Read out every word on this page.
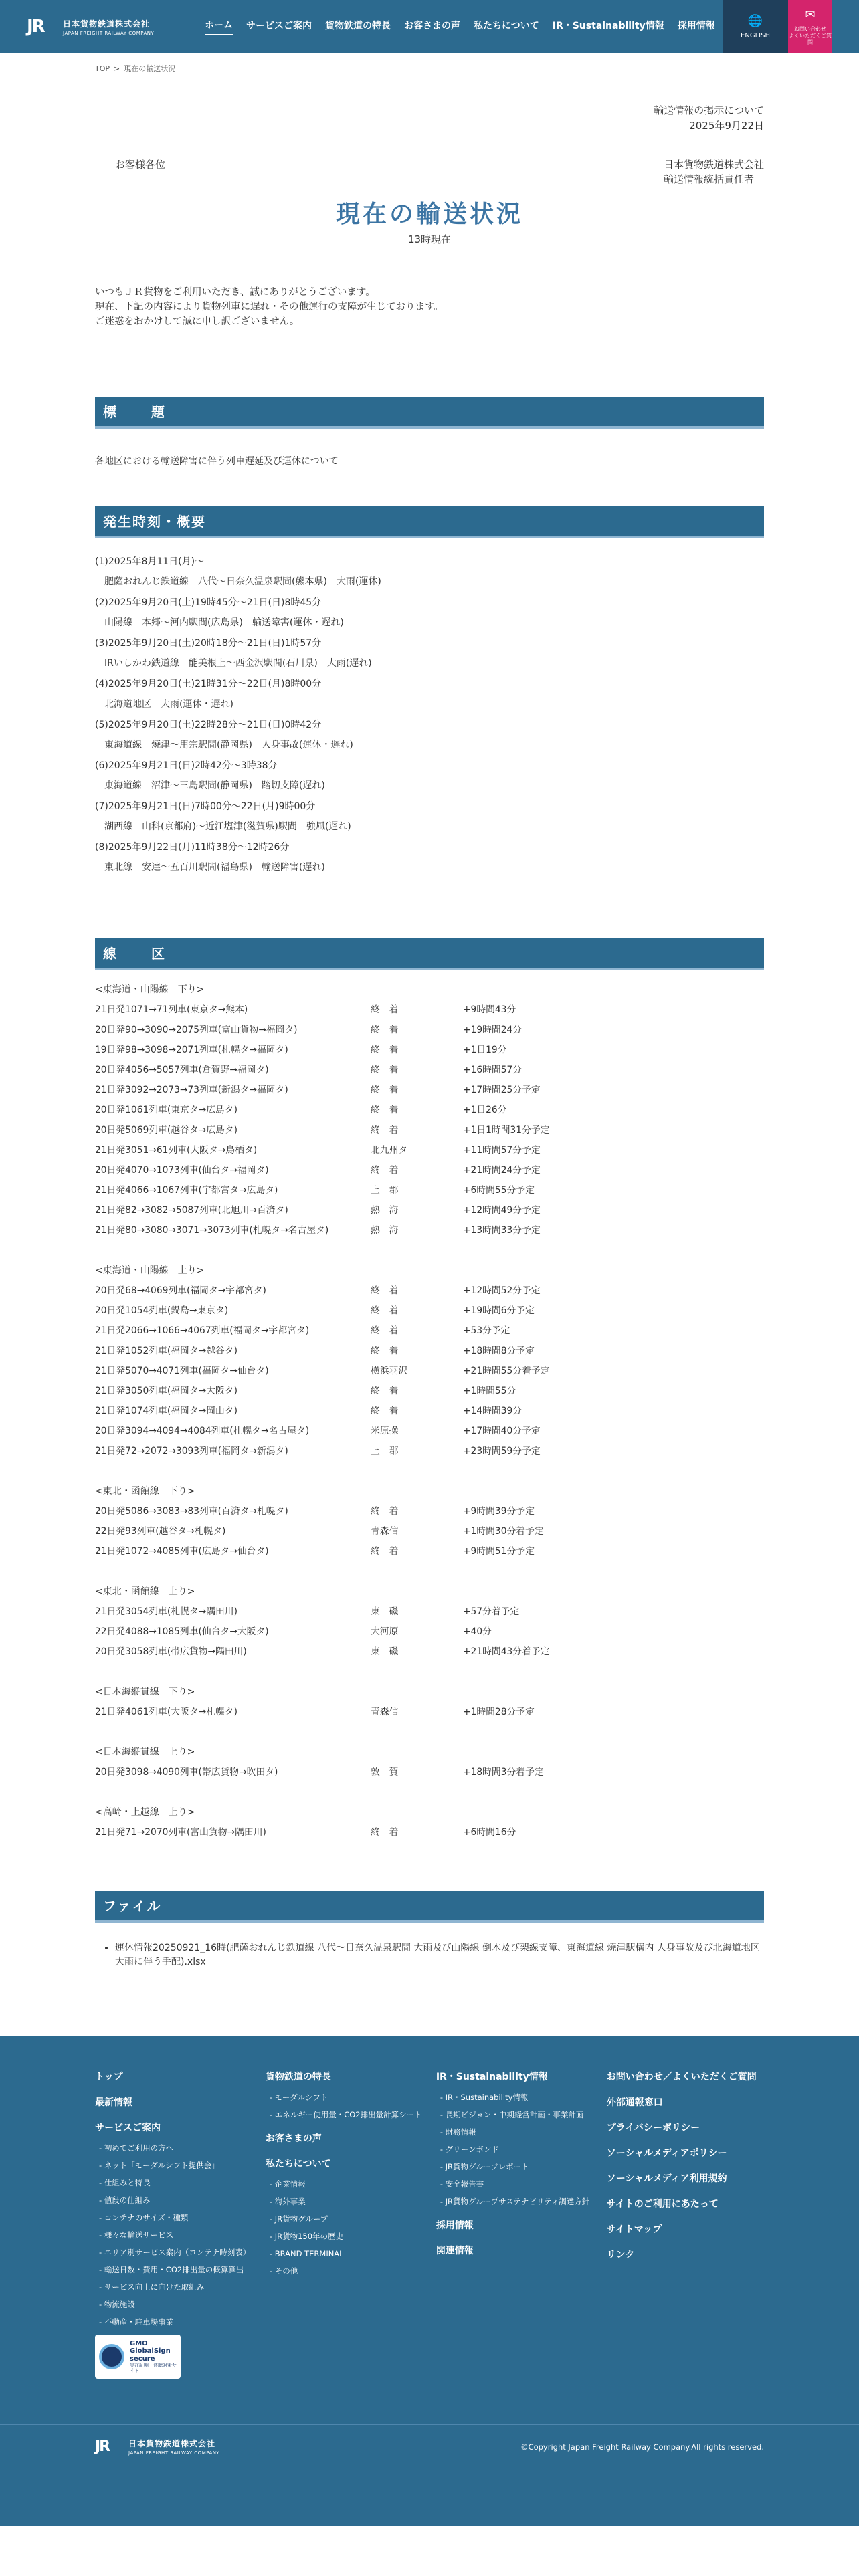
JR	日本貨物鉄道株式会社
JAPAN FREIGHT RAILWAY COMPANY
ホーム サービスご案内 貨物鉄道の特長 お客さまの声 私たちについて IR・Sustainability情報 採用情報	🌐
ENGLISH
✉
お問い合わせ
よくいただくご質問
TOP > 現在の輸送状況
輸送情報の掲示について
2025年9月22日
お客様各位	日本貨物鉄道株式会社
輸送情報統括責任者
現在の輸送状況
13時現在
いつもＪＲ貨物をご利用いただき、誠にありがとうございます。
現在、下記の内容により貨物列車に遅れ・その他運行の支障が生じております。
ご迷惑をおかけして誠に申し訳ございません。
標　題
各地区における輸送障害に伴う列車遅延及び運休について
発生時刻・概要
(1)2025年8月11日(月)～
　肥薩おれんじ鉄道線　八代～日奈久温泉駅間(熊本県)　大雨(運休)
(2)2025年9月20日(土)19時45分～21日(日)8時45分
　山陽線　本郷～河内駅間(広島県)　輸送障害(運休・遅れ)
(3)2025年9月20日(土)20時18分～21日(日)1時57分
　IRいしかわ鉄道線　能美根上～西金沢駅間(石川県)　大雨(遅れ)
(4)2025年9月20日(土)21時31分～22日(月)8時00分
　北海道地区　大雨(運休・遅れ)
(5)2025年9月20日(土)22時28分～21日(日)0時42分
　東海道線　焼津～用宗駅間(静岡県)　人身事故(運休・遅れ)
(6)2025年9月21日(日)2時42分～3時38分
　東海道線　沼津～三島駅間(静岡県)　踏切支障(遅れ)
(7)2025年9月21日(日)7時00分～22日(月)9時00分
　湖西線　山科(京都府)～近江塩津(滋賀県)駅間　強風(遅れ)
(8)2025年9月22日(月)11時38分～12時26分
　東北線　安達～五百川駅間(福島県)　輸送障害(遅れ)
線　区
<東海道・山陽線　下り>
21日発1071→71列車(東京タ→熊本)	終　着	+9時間43分
20日発90→3090→2075列車(富山貨物→福岡タ)	終　着	+19時間24分
19日発98→3098→2071列車(札幌タ→福岡タ)	終　着	+1日19分
20日発4056→5057列車(倉賀野→福岡タ)	終　着	+16時間57分
21日発3092→2073→73列車(新潟タ→福岡タ)	終　着	+17時間25分予定
20日発1061列車(東京タ→広島タ)	終　着	+1日26分
20日発5069列車(越谷タ→広島タ)	終　着	+1日1時間31分予定
21日発3051→61列車(大阪タ→鳥栖タ)	北九州タ	+11時間57分予定
20日発4070→1073列車(仙台タ→福岡タ)	終　着	+21時間24分予定
21日発4066→1067列車(宇都宮タ→広島タ)	上　郡	+6時間55分予定
21日発82→3082→5087列車(北旭川→百済タ)	熱　海	+12時間49分予定
21日発80→3080→3071→3073列車(札幌タ→名古屋タ)	熱　海	+13時間33分予定
<東海道・山陽線　上り>
20日発68→4069列車(福岡タ→宇都宮タ)	終　着	+12時間52分予定
20日発1054列車(鍋島→東京タ)	終　着	+19時間6分予定
21日発2066→1066→4067列車(福岡タ→宇都宮タ)	終　着	+53分予定
21日発1052列車(福岡タ→越谷タ)	終　着	+18時間8分予定
21日発5070→4071列車(福岡タ→仙台タ)	横浜羽沢	+21時間55分着予定
21日発3050列車(福岡タ→大阪タ)	終　着	+1時間55分
21日発1074列車(福岡タ→岡山タ)	終　着	+14時間39分
20日発3094→4094→4084列車(札幌タ→名古屋タ)	米原操	+17時間40分予定
21日発72→2072→3093列車(福岡タ→新潟タ)	上　郡	+23時間59分予定
<東北・函館線　下り>
20日発5086→3083→83列車(百済タ→札幌タ)	終　着	+9時間39分予定
22日発93列車(越谷タ→札幌タ)	青森信	+1時間30分着予定
21日発1072→4085列車(広島タ→仙台タ)	終　着	+9時間51分予定
<東北・函館線　上り>
21日発3054列車(札幌タ→隅田川)	東　磯	+57分着予定
22日発4088→1085列車(仙台タ→大阪タ)	大河原	+40分
20日発3058列車(帯広貨物→隅田川)	東　磯	+21時間43分着予定
<日本海縦貫線　下り>
21日発4061列車(大阪タ→札幌タ)	青森信	+1時間28分予定
<日本海縦貫線　上り>
20日発3098→4090列車(帯広貨物→吹田タ)	敦　賀	+18時間3分着予定
<高崎・上越線　上り>
21日発71→2070列車(富山貨物→隅田川)	終　着	+6時間16分
ファイル
• 運休情報20250921_16時(肥薩おれんじ鉄道線 八代～日奈久温泉駅間 大雨及び山陽線 倒木及び架線支障、東海道線 焼津駅構内 人身事故及び北海道地区 大雨に伴う手配).xlsx
トップ
最新情報
サービスご案内
- 初めてご利用の方へ
- ネット「モーダルシフト提供会」
- 仕組みと特長
- 値段の仕組み
- コンテナのサイズ・種類
- 様々な輸送サービス
- エリア別サービス案内（コンテナ時刻表）
- 輸送日数・費用・CO2排出量の概算算出
- サービス向上に向けた取組み
- 物流施設
- 不動産・駐車場事業
GMO
GlobalSign
secure
実在証明・盗聴対策サイト
貨物鉄道の特長
- モーダルシフト
- エネルギー使用量・CO2排出量計算シート
お客さまの声
私たちについて
- 企業情報
- 海外事業
- JR貨物グループ
- JR貨物150年の歴史
- BRAND TERMINAL
- その他
IR・Sustainability情報
- IR・Sustainability情報
- 長期ビジョン・中期経営計画・事業計画
- 財務情報
- グリーンボンド
- JR貨物グループレポート
- 安全報告書
- JR貨物グループサステナビリティ調達方針
採用情報
関連情報
お問い合わせ／よくいただくご質問
外部通報窓口
プライバシーポリシー
ソーシャルメディアポリシー
ソーシャルメディア利用規約
サイトのご利用にあたって
サイトマップ
リンク
JR	日本貨物鉄道株式会社
JAPAN FREIGHT RAILWAY COMPANY
©Copyright Japan Freight Railway Company.All rights reserved.
